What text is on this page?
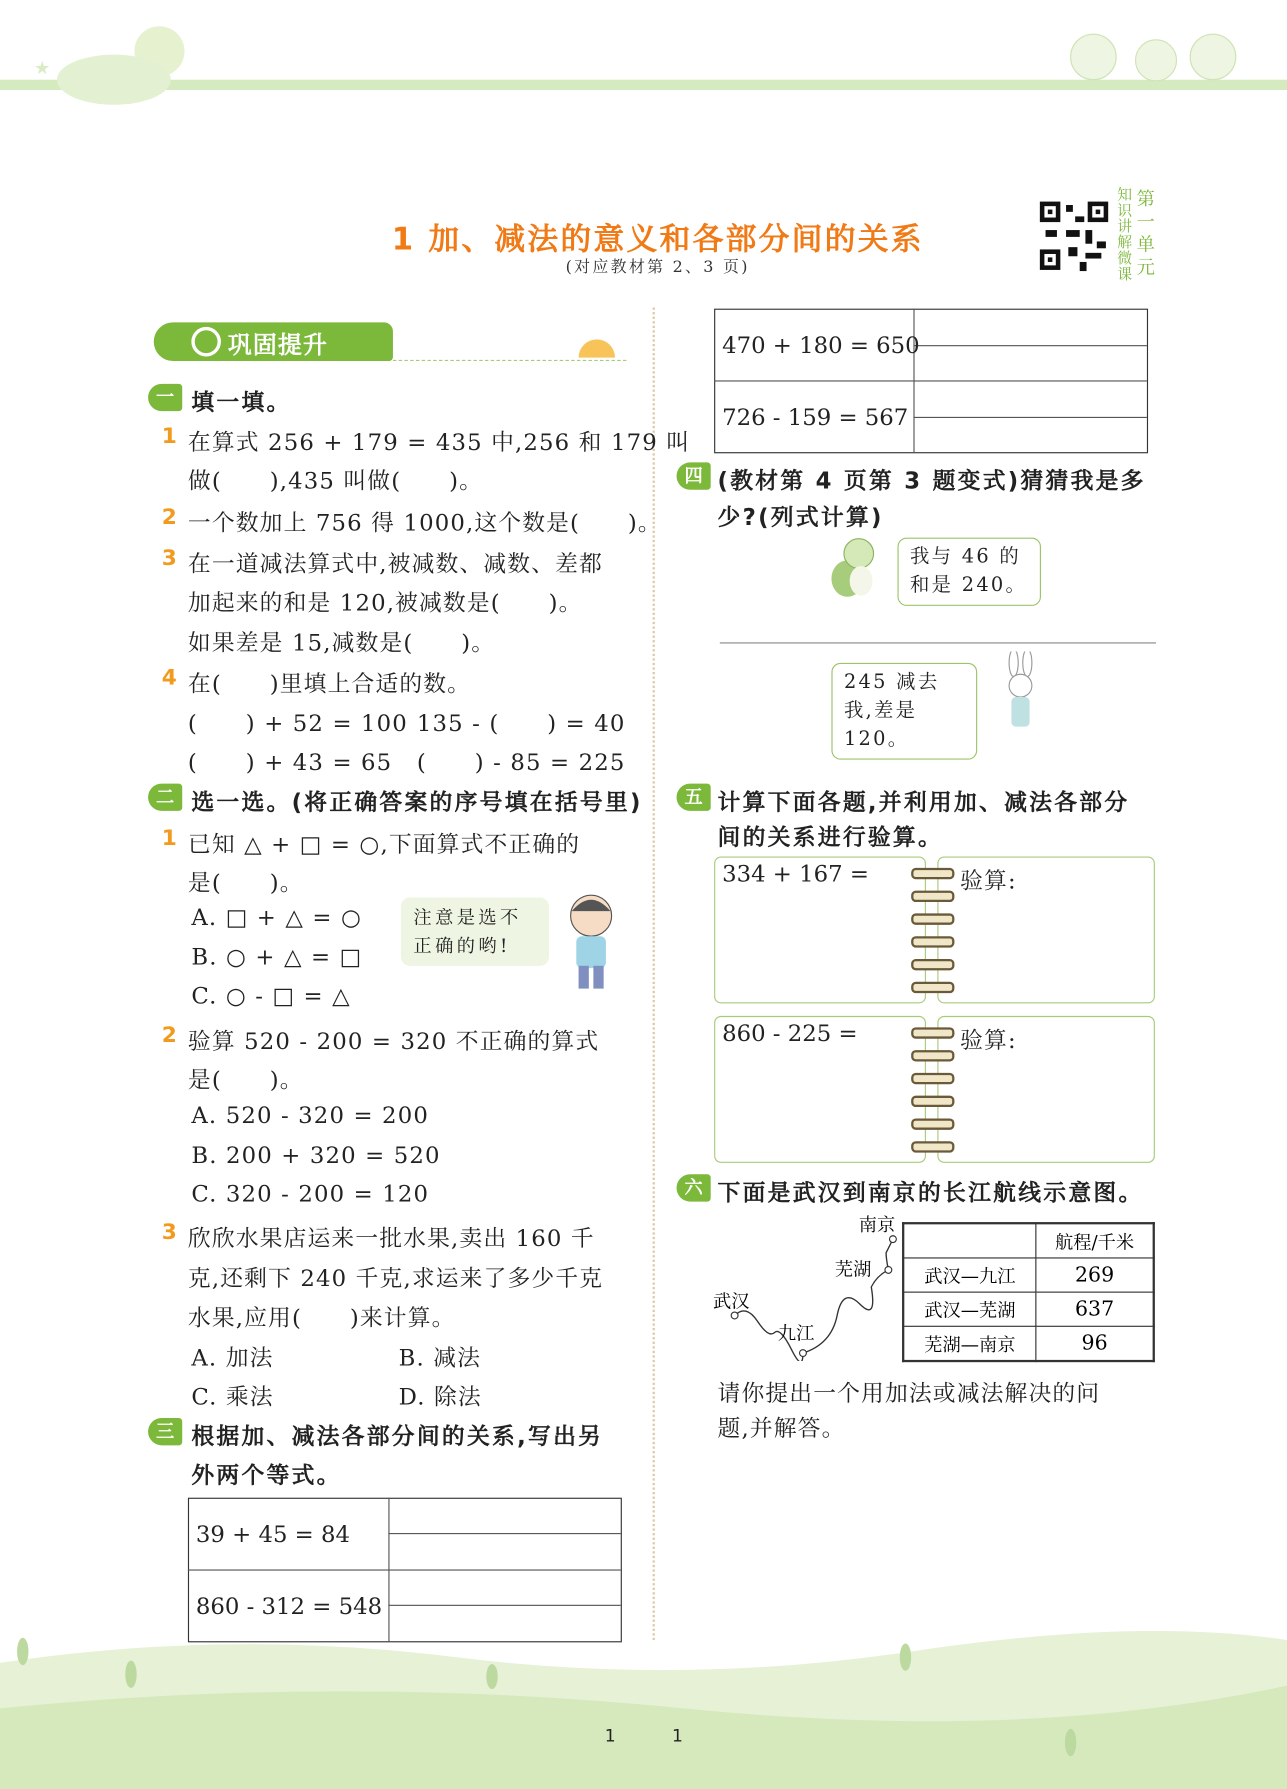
★
1 加、减法的意义和各部分间的关系
(对应教材第 2、3 页)
知识讲解微课
第一单元
巩固提升
一 填一填。
1 在算式 256 + 179 = 435 中,256 和 179 叫
做(　　),435 叫做(　　)。
2 一个数加上 756 得 1000,这个数是(　　)。
3 在一道减法算式中,被减数、减数、差都
加起来的和是 120,被减数是(　　)。
如果差是 15,减数是(　　)。
4 在(　　)里填上合适的数。
(　　) + 52 = 100 135 - (　　) = 40
(　　) + 43 = 65 (　　) - 85 = 225
二 选一选。(将正确答案的序号填在括号里)
1 已知 △ + □ = ○,下面算式不正确的
是(　　)。
A. □ + △ = ○
B. ○ + △ = □
C. ○ - □ = △
注意是选不正确的哟!
2 验算 520 - 200 = 320 不正确的算式
是(　　)。
A. 520 - 320 = 200
B. 200 + 320 = 520
C. 320 - 200 = 120
3 欣欣水果店运来一批水果,卖出 160 千
克,还剩下 240 千克,求运来了多少千克
水果,应用(　　)来计算。
A. 加法	B. 减法
C. 乘法	D. 除法
三 根据加、减法各部分间的关系,写出另
外两个等式。
39 + 45 = 84
860 - 312 = 548
470 + 180 = 650
726 - 159 = 567
四 (教材第 4 页第 3 题变式)猜猜我是多
少?(列式计算)
我与 46 的和是 240。
245 减去我,差是 120。
五 计算下面各题,并利用加、减法各部分
间的关系进行验算。
334 + 167 =	验算:
860 - 225 =	验算:
六 下面是武汉到南京的长江航线示意图。
武汉
九江
芜湖
南京
	航程/千米
武汉—九江	269
武汉—芜湖	637
芜湖—南京	96
请你提出一个用加法或减法解决的问
题,并解答。
1	1
